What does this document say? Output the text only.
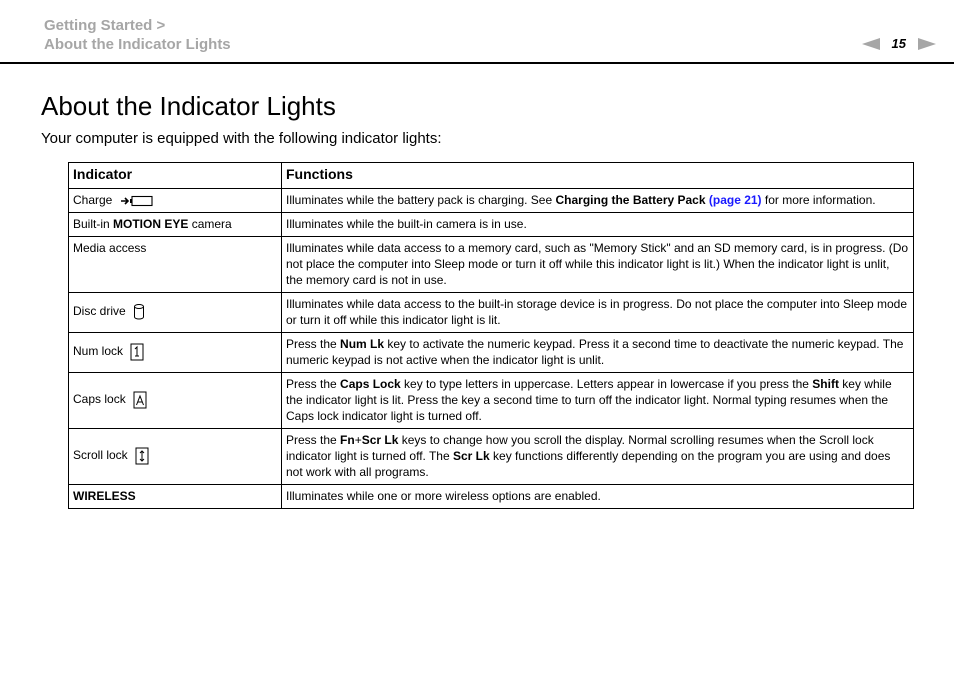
Getting Started >
About the Indicator Lights	15
About the Indicator Lights

Your computer is equipped with the following indicator lights:

Indicator	Functions
Charge	Illuminates while the battery pack is charging. See Charging the Battery Pack (page 21) for more information.
Built-in MOTION EYE camera	Illuminates while the built-in camera is in use.
Media access	Illuminates while data access to a memory card, such as "Memory Stick" and an SD memory card, is in progress. (Do not place the computer into Sleep mode or turn it off while this indicator light is lit.) When the indicator light is unlit, the memory card is not in use.
Disc drive	Illuminates while data access to the built-in storage device is in progress. Do not place the computer into Sleep mode or turn it off while this indicator light is lit.
Num lock	Press the Num Lk key to activate the numeric keypad. Press it a second time to deactivate the numeric keypad. The numeric keypad is not active when the indicator light is unlit.
Caps lock	Press the Caps Lock key to type letters in uppercase. Letters appear in lowercase if you press the Shift key while the indicator light is lit. Press the key a second time to turn off the indicator light. Normal typing resumes when the Caps lock indicator light is turned off.
Scroll lock	Press the Fn+Scr Lk keys to change how you scroll the display. Normal scrolling resumes when the Scroll lock indicator light is turned off. The Scr Lk key functions differently depending on the program you are using and does not work with all programs.
WIRELESS	Illuminates while one or more wireless options are enabled.
